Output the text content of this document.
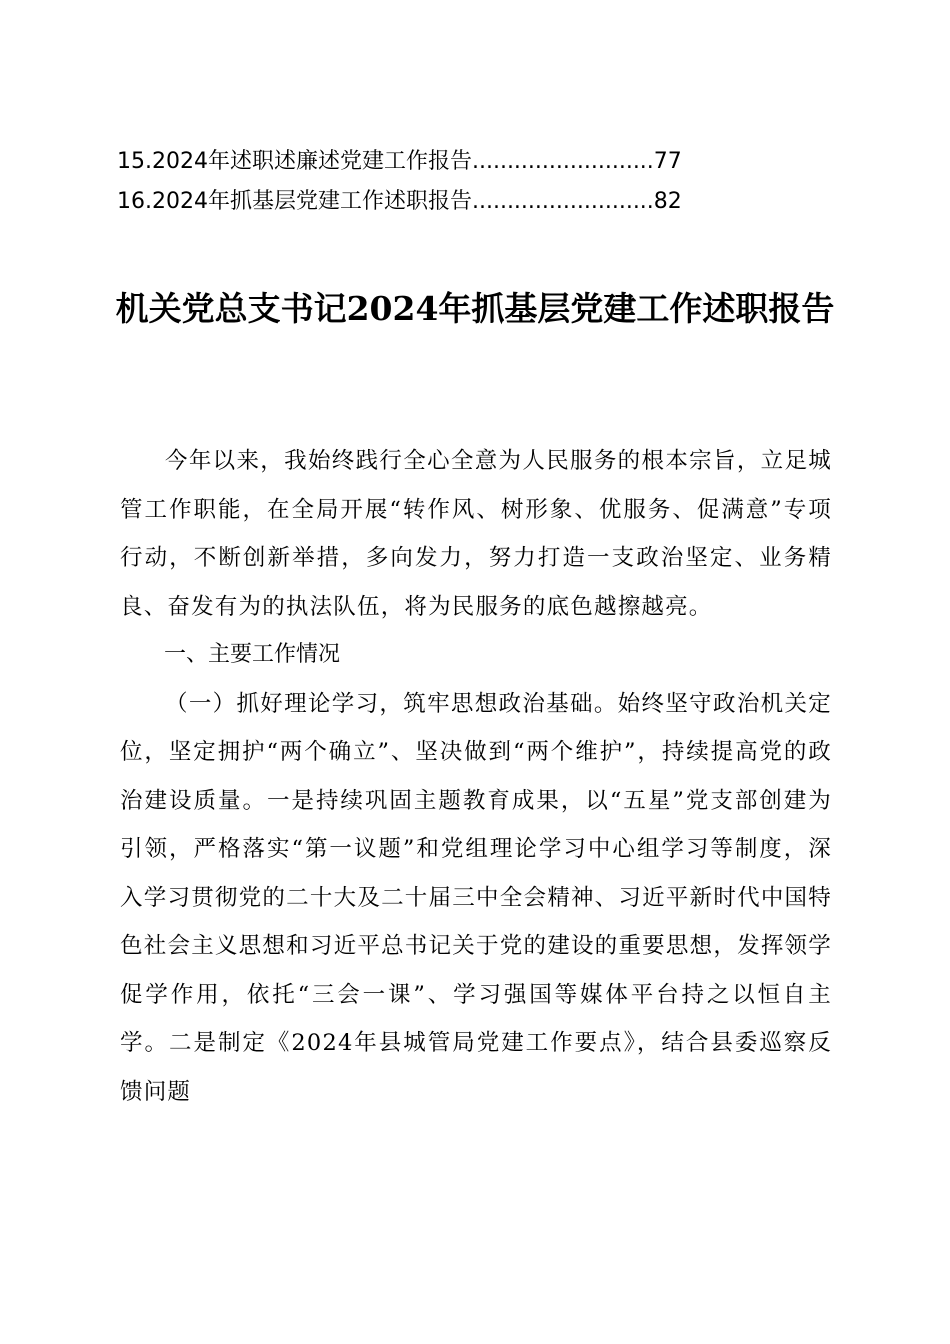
15.2024年述职述廉述党建工作报告..........................77
16.2024年抓基层党建工作述职报告..........................82
机关党总支书记2024年抓基层党建工作述职报告

今年以来，我始终践行全心全意为人民服务的根本宗旨，立足城管工作职能，在全局开展“转作风、树形象、优服务、促满意”专项行动，不断创新举措，多向发力，努力打造一支政治坚定、业务精良、奋发有为的执法队伍，将为民服务的底色越擦越亮。

一、主要工作情况

（一）抓好理论学习，筑牢思想政治基础。始终坚守政治机关定位，坚定拥护“两个确立”、坚决做到“两个维护”，持续提高党的政治建设质量。一是持续巩固主题教育成果，以“五星”党支部创建为引领，严格落实“第一议题”和党组理论学习中心组学习等制度，深入学习贯彻党的二十大及二十届三中全会精神、习近平新时代中国特色社会主义思想和习近平总书记关于党的建设的重要思想，发挥领学促学作用，依托“三会一课”、学习强国等媒体平台持之以恒自主学。二是制定《2024年县城管局党建工作要点》，结合县委巡察反馈问题
